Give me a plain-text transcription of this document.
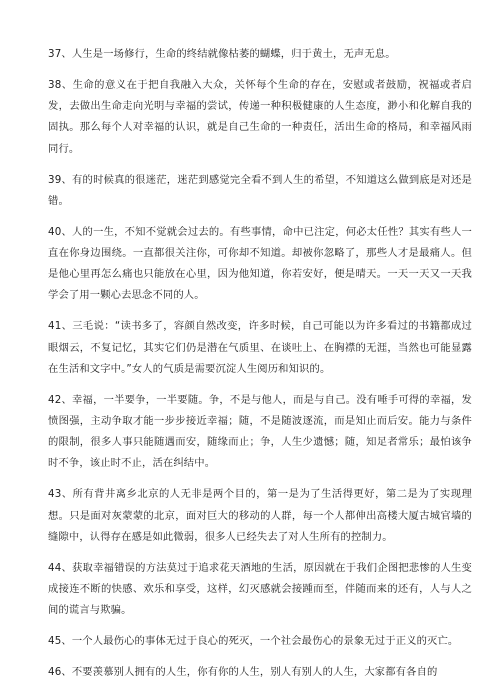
37、人生是一场修行，生命的终结就像枯萎的蝴蝶，归于黄土，无声无息。

38、生命的意义在于把自我融入大众，关怀每个生命的存在，安慰或者鼓励，祝福或者启发，去做出生命走向光明与幸福的尝试，传递一种积极健康的人生态度，渺小和化解自我的固执。那么每个人对幸福的认识，就是自己生命的一种责任，活出生命的格局，和幸福风雨同行。

39、有的时候真的很迷茫，迷茫到感觉完全看不到人生的希望，不知道这么做到底是对还是错。

40、人的一生，不知不觉就会过去的。有些事情，命中已注定，何必太任性？其实有些人一直在你身边围绕。一直都很关注你，可你却不知道。却被你忽略了，那些人才是最痛人。但是他心里再怎么痛也只能放在心里，因为他知道，你若安好，便是晴天。一天一天又一天我学会了用一颗心去思念不同的人。

41、三毛说：“读书多了，容颜自然改变，许多时候，自己可能以为许多看过的书籍都成过眼烟云，不复记忆，其实它们仍是潜在气质里、在谈吐上、在胸襟的无涯，当然也可能显露在生活和文字中。”女人的气质是需要沉淀人生阅历和知识的。

42、幸福，一半要争，一半要随。争，不是与他人，而是与自己。没有唾手可得的幸福，发愤图强，主动争取才能一步步接近幸福；随，不是随波逐流，而是知止而后安。能力与条件的限制，很多人事只能随遇而安，随缘而止；争，人生少遗憾；随，知足者常乐；最怕该争时不争，该止时不止，活在纠结中。

43、所有背井离乡北京的人无非是两个目的，第一是为了生活得更好，第二是为了实现理想。只是面对灰蒙蒙的北京，面对巨大的移动的人群，每一个人都伸出高楼大厦古城官墙的缝隙中，认得存在感是如此微弱，很多人已经失去了对人生所有的控制力。

44、获取幸福错误的方法莫过于追求花天酒地的生活，原因就在于我们企图把悲惨的人生变成接连不断的快感、欢乐和享受，这样，幻灭感就会接踵而至，伴随而来的还有，人与人之间的谎言与欺骗。

45、一个人最伤心的事体无过于良心的死灭，一个社会最伤心的景象无过于正义的灭亡。

46、不要羡慕别人拥有的人生，你有你的人生，别人有别人的人生，大家都有各自的
